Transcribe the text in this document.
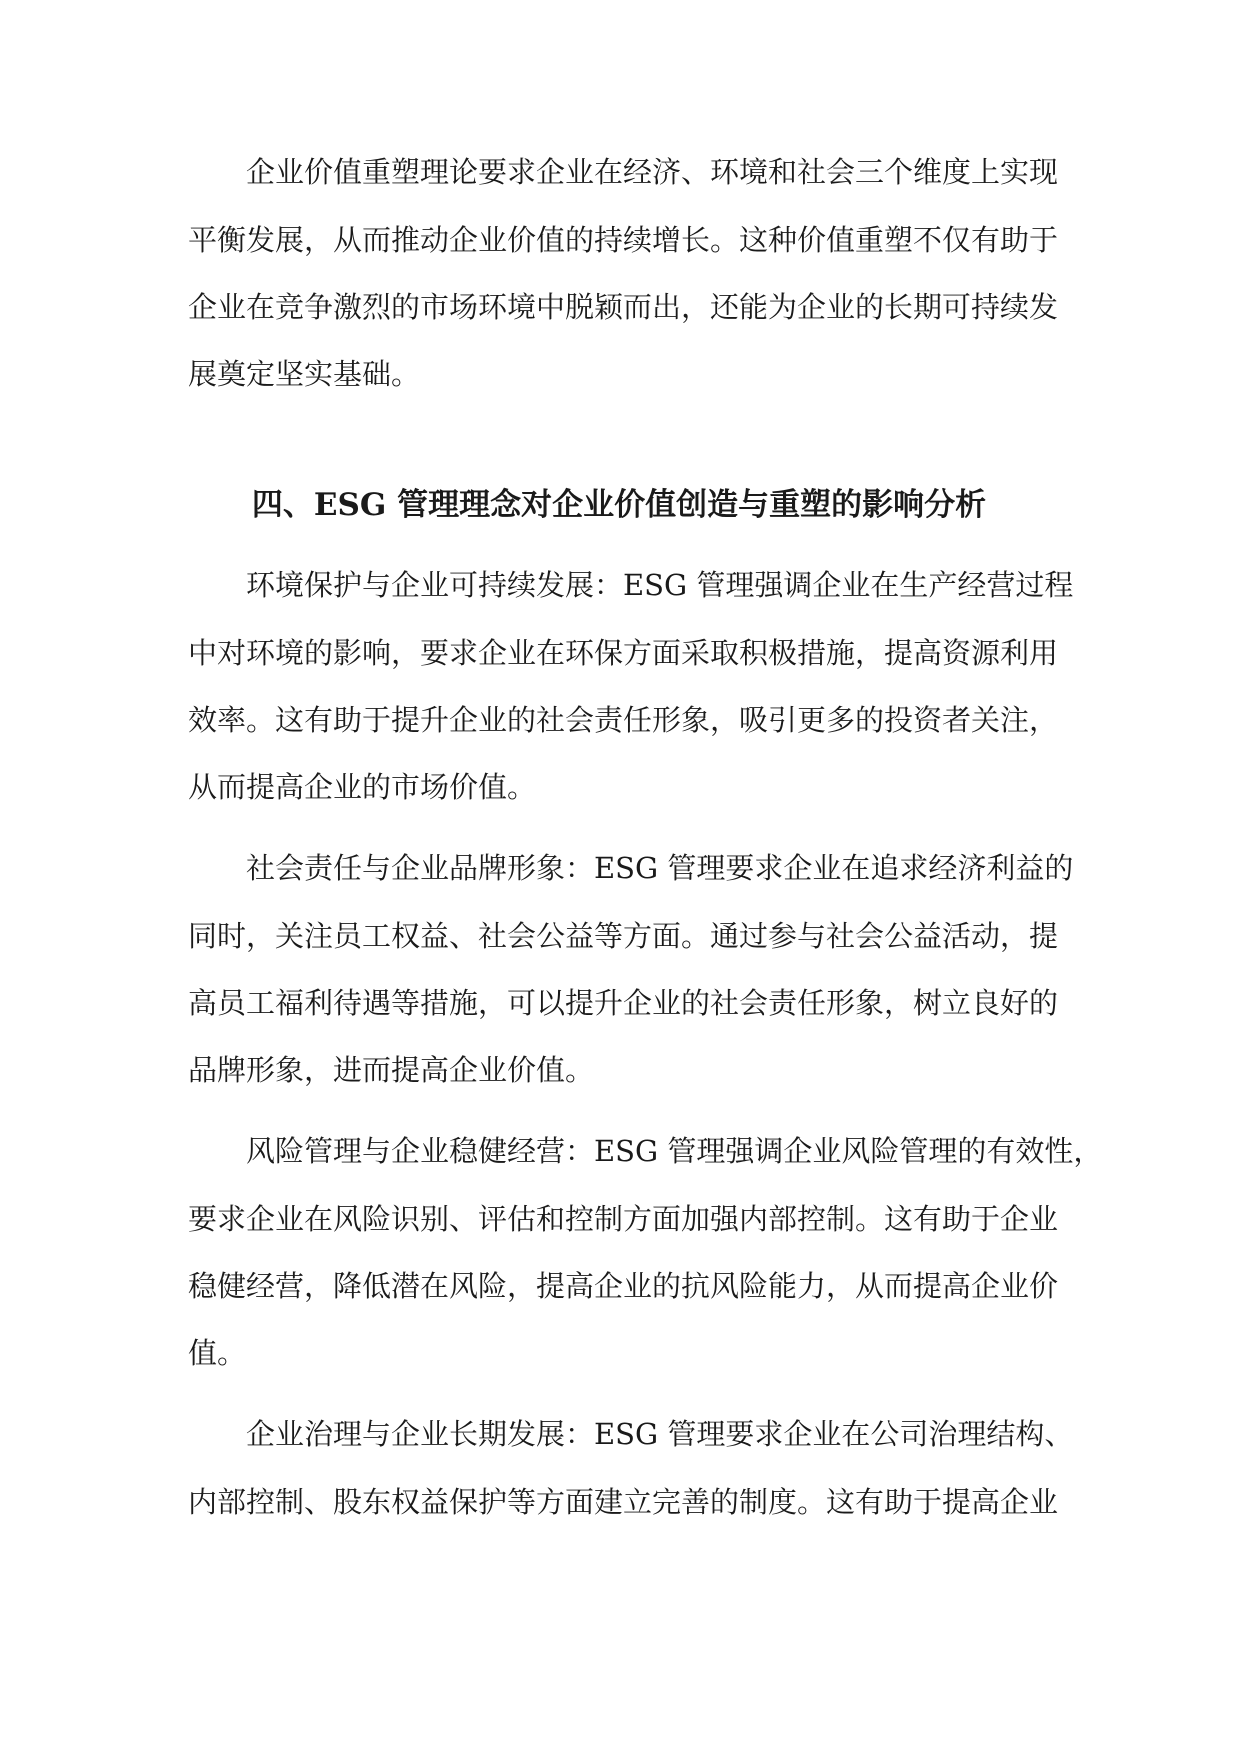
企业价值重塑理论要求企业在经济、环境和社会三个维度上实现
平衡发展，从而推动企业价值的持续增长。这种价值重塑不仅有助于
企业在竞争激烈的市场环境中脱颖而出，还能为企业的长期可持续发
展奠定坚实基础。
四、ESG 管理理念对企业价值创造与重塑的影响分析
环境保护与企业可持续发展：ESG 管理强调企业在生产经营过程
中对环境的影响，要求企业在环保方面采取积极措施，提高资源利用
效率。这有助于提升企业的社会责任形象，吸引更多的投资者关注，
从而提高企业的市场价值。
社会责任与企业品牌形象：ESG 管理要求企业在追求经济利益的
同时，关注员工权益、社会公益等方面。通过参与社会公益活动，提
高员工福利待遇等措施，可以提升企业的社会责任形象，树立良好的
品牌形象，进而提高企业价值。
风险管理与企业稳健经营：ESG 管理强调企业风险管理的有效性，
要求企业在风险识别、评估和控制方面加强内部控制。这有助于企业
稳健经营，降低潜在风险，提高企业的抗风险能力，从而提高企业价
值。
企业治理与企业长期发展：ESG 管理要求企业在公司治理结构、
内部控制、股东权益保护等方面建立完善的制度。这有助于提高企业
